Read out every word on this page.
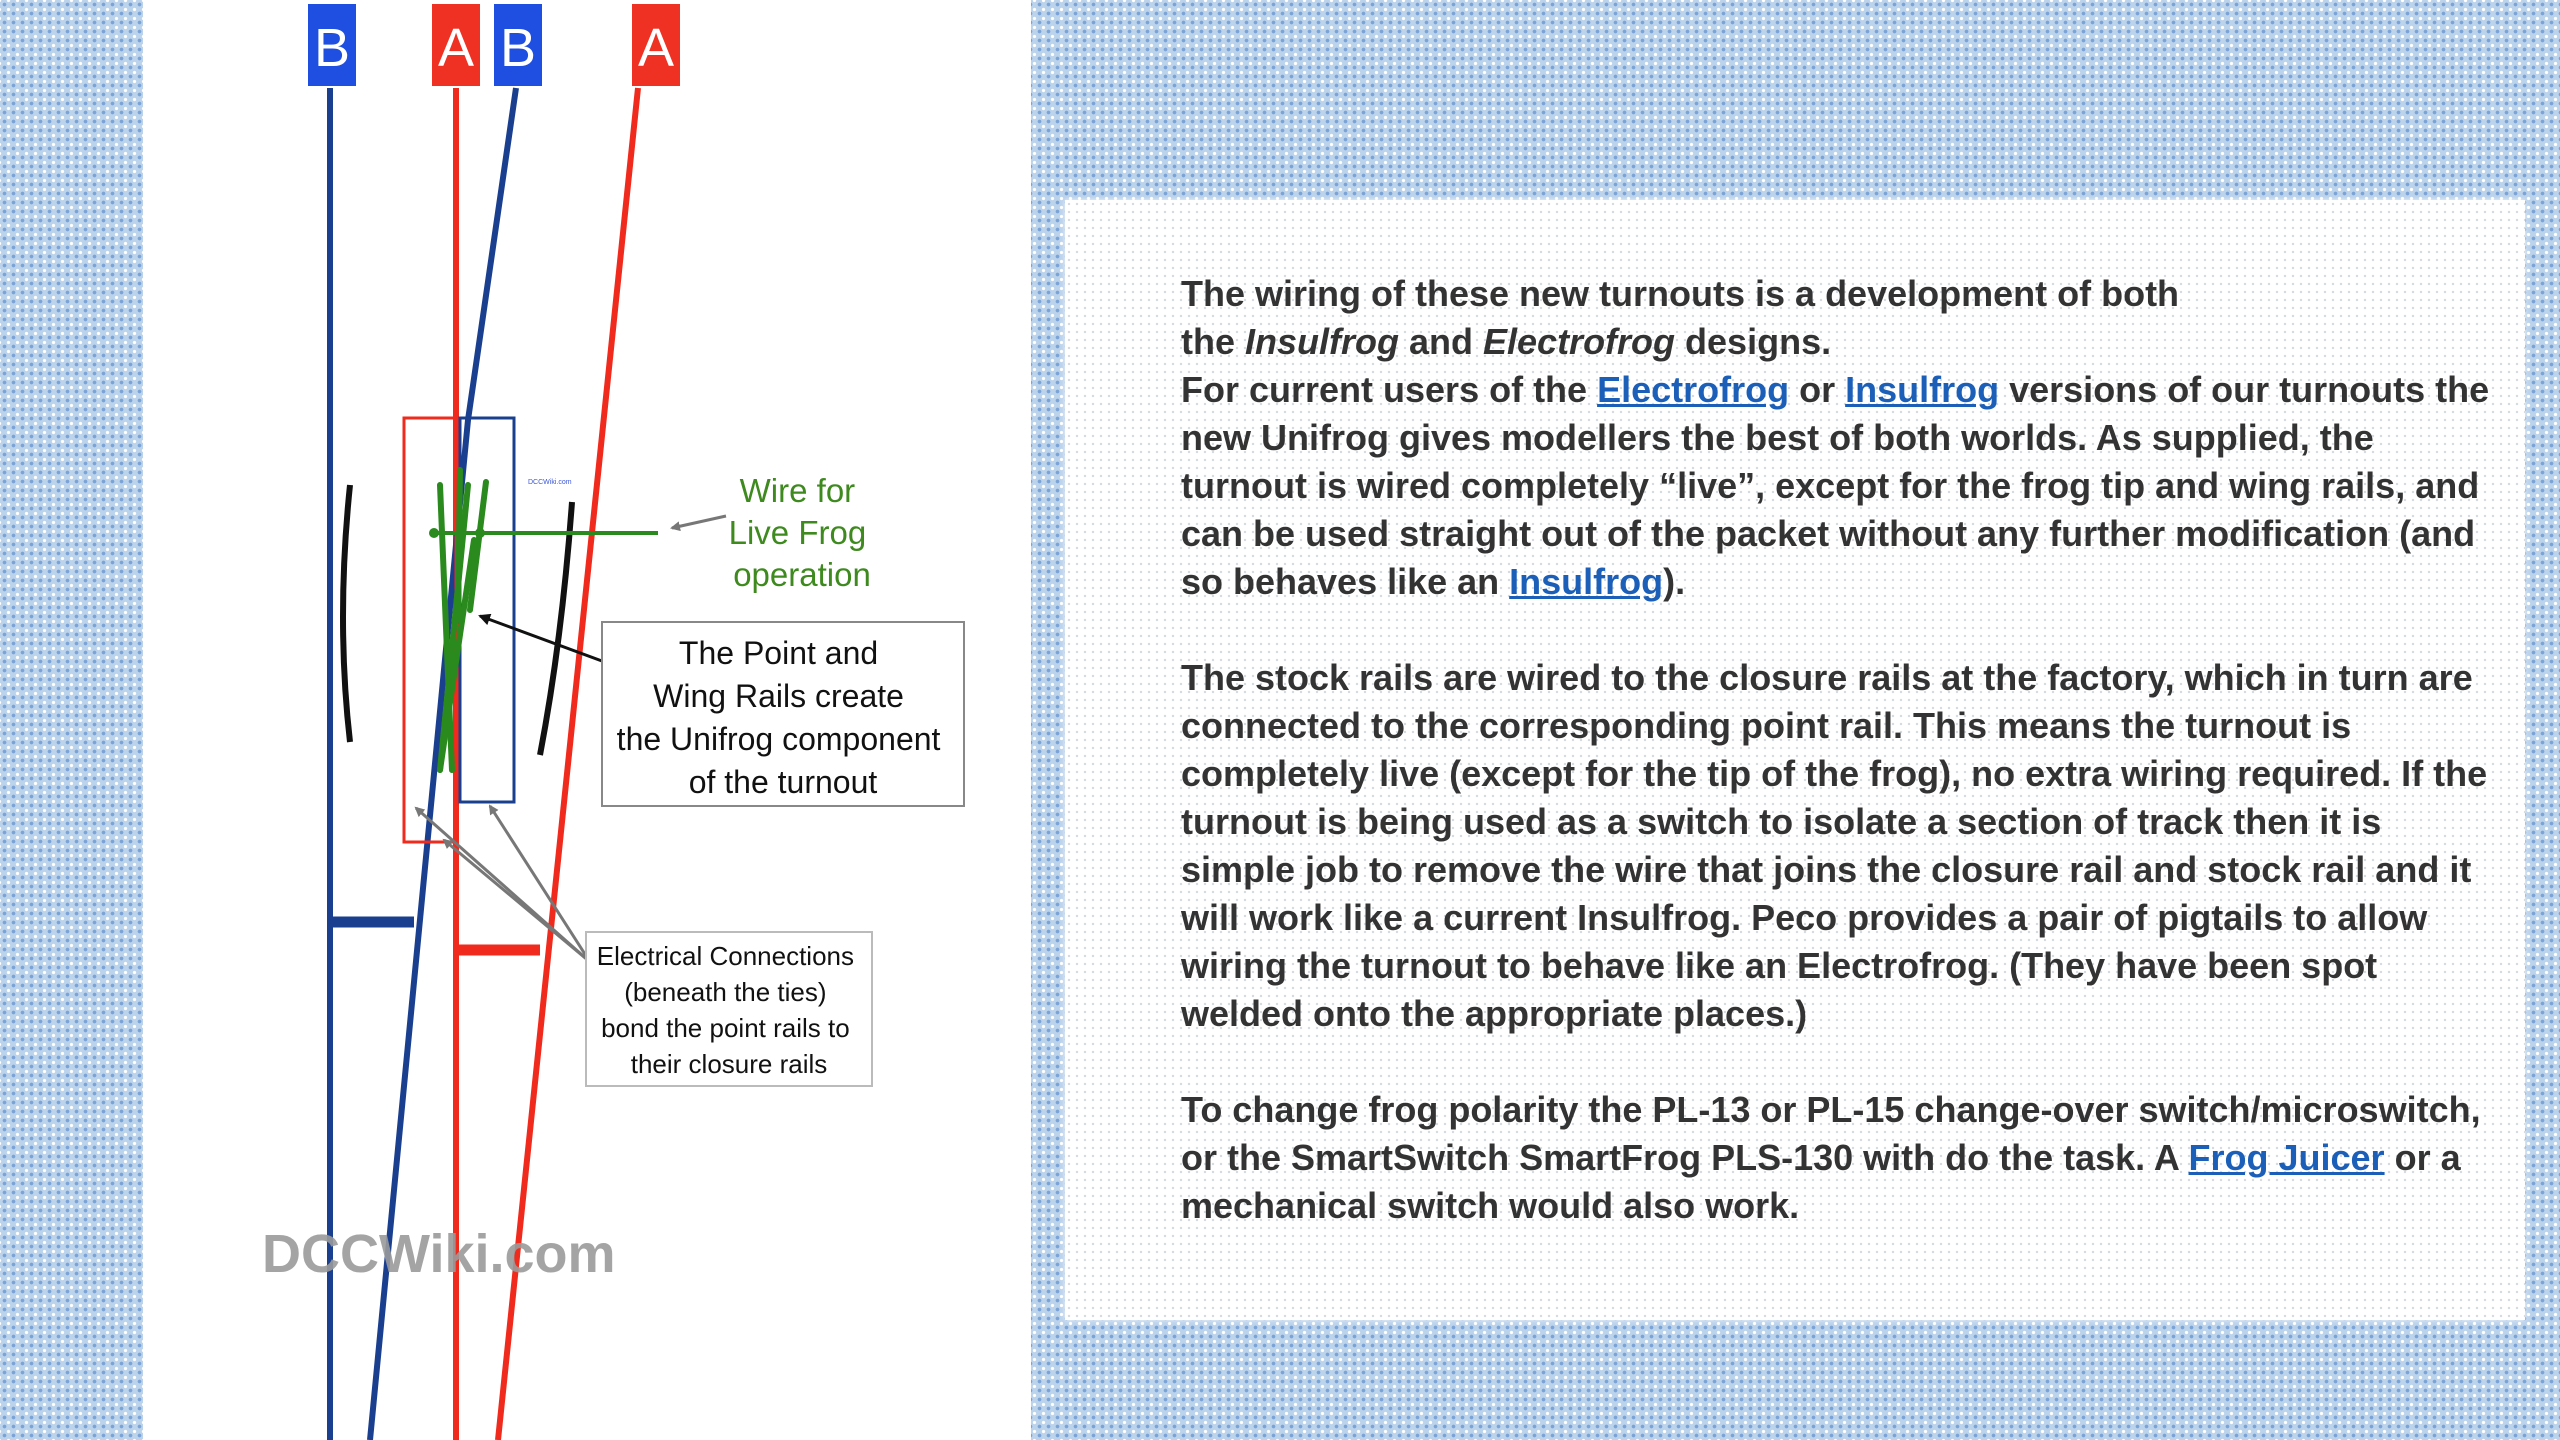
DCCWiki.com	Wire for Live Frog operation
The Point and Wing Rails create the Unifrog component of the turnout
Electrical Connections (beneath the ties) bond the point rails to their closure rails
B A B A
DCCWiki.com

The wiring of these new turnouts is a development of both
the Insulfrog and Electrofrog designs.
For current users of the Electrofrog or Insulfrog versions of our turnouts the new Unifrog gives modellers the best of both worlds. As supplied, the turnout is wired completely “live”, except for the frog tip and wing rails, and can be used straight out of the packet without any further modification (and so behaves like an Insulfrog).

The stock rails are wired to the closure rails at the factory, which in turn are connected to the corresponding point rail. This means the turnout is completely live (except for the tip of the frog), no extra wiring required. If the turnout is being used as a switch to isolate a section of track then it is simple job to remove the wire that joins the closure rail and stock rail and it will work like a current Insulfrog. Peco provides a pair of pigtails to allow wiring the turnout to behave like an Electrofrog. (They have been spot welded onto the appropriate places.)

To change frog polarity the PL-13 or PL-15 change-over switch/microswitch, or the SmartSwitch SmartFrog PLS-130 with do the task. A Frog Juicer or a mechanical switch would also work.
